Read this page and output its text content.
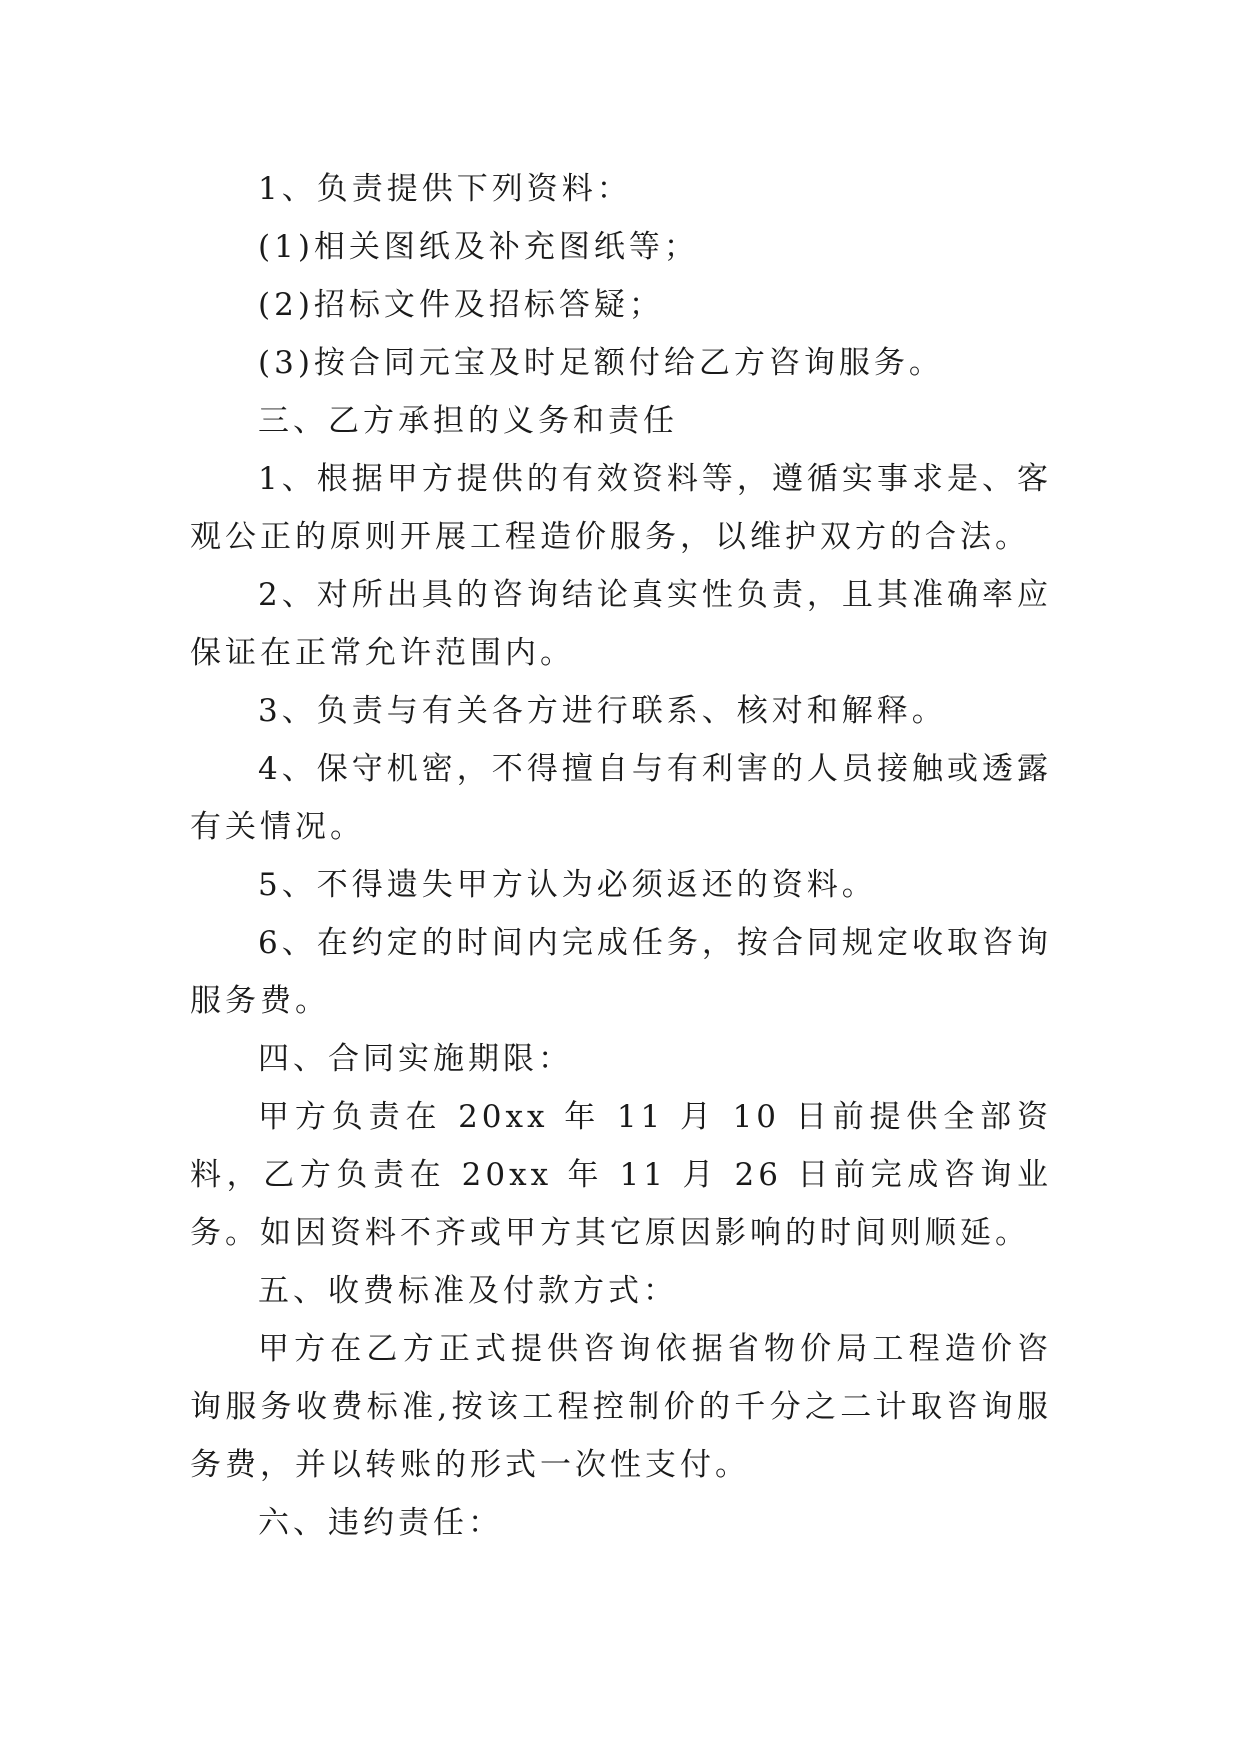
1、负责提供下列资料：

(1)相关图纸及补充图纸等；

(2)招标文件及招标答疑；

(3)按合同元宝及时足额付给乙方咨询服务。

三、乙方承担的义务和责任

1、根据甲方提供的有效资料等，遵循实事求是、客观公正的原则开展工程造价服务，以维护双方的合法。

2、对所出具的咨询结论真实性负责，且其准确率应保证在正常允许范围内。

3、负责与有关各方进行联系、核对和解释。

4、保守机密，不得擅自与有利害的人员接触或透露有关情况。

5、不得遗失甲方认为必须返还的资料。

6、在约定的时间内完成任务，按合同规定收取咨询服务费。

四、合同实施期限：

甲方负责在 20xx 年 11 月 10 日前提供全部资料，乙方负责在 20xx 年 11 月 26 日前完成咨询业务。如因资料不齐或甲方其它原因影响的时间则顺延。

五、收费标准及付款方式：

甲方在乙方正式提供咨询依据省物价局工程造价咨询服务收费标准,按该工程控制价的千分之二计取咨询服务费，并以转账的形式一次性支付。

六、违约责任：
